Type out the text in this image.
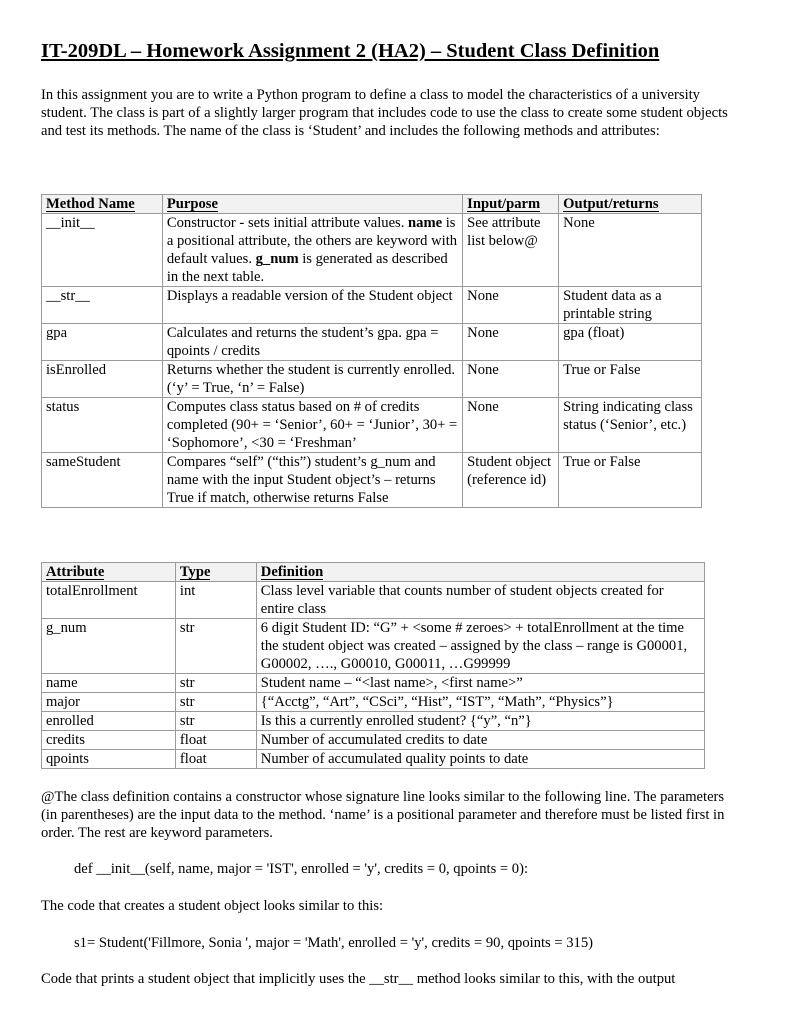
IT-209DL – Homework Assignment 2 (HA2) – Student Class Definition

In this assignment you are to write a Python program to define a class to model the characteristics of a university student. The class is part of a slightly larger program that includes code to use the class to create some student objects and test its methods. The name of the class is ‘Student’ and includes the following methods and attributes:

Method Name	Purpose	Input/parm	Output/returns
__init__	Constructor - sets initial attribute values. name is a positional attribute, the others are keyword with default values. g_num is generated as described in the next table.	See attribute list below@	None
__str__	Displays a readable version of the Student object	None	Student data as a printable string
gpa	Calculates and returns the student’s gpa. gpa = qpoints / credits	None	gpa (float)
isEnrolled	Returns whether the student is currently enrolled. (‘y’ = True, ‘n’ = False)	None	True or False
status	Computes class status based on # of credits completed (90+ = ‘Senior’, 60+ = ‘Junior’, 30+ = ‘Sophomore’, <30 = ‘Freshman’	None	String indicating class status (‘Senior’, etc.)
sameStudent	Compares “self” (“this”) student’s g_num and name with the input Student object’s – returns True if match, otherwise returns False	Student object (reference id)	True or False
Attribute	Type	Definition
totalEnrollment	int	Class level variable that counts number of student objects created for entire class
g_num	str	6 digit Student ID: “G” + <some # zeroes> + totalEnrollment at the time the student object was created – assigned by the class – range is G00001, G00002, …., G00010, G00011, …G99999
name	str	Student name – “<last name>, <first name>”
major	str	{“Acctg”, “Art”, “CSci”, “Hist”, “IST”, “Math”, “Physics”}
enrolled	str	Is this a currently enrolled student? {“y”, “n”}
credits	float	Number of accumulated credits to date
qpoints	float	Number of accumulated quality points to date

@The class definition contains a constructor whose signature line looks similar to the following line. The parameters (in parentheses) are the input data to the method. ‘name’ is a positional parameter and therefore must be listed first in order. The rest are keyword parameters.

def __init__(self, name, major = 'IST', enrolled = 'y', credits = 0, qpoints = 0):

The code that creates a student object looks similar to this:

s1= Student('Fillmore, Sonia ', major = 'Math', enrolled = 'y', credits = 90, qpoints = 315)

Code that prints a student object that implicitly uses the __str__ method looks similar to this, with the output
